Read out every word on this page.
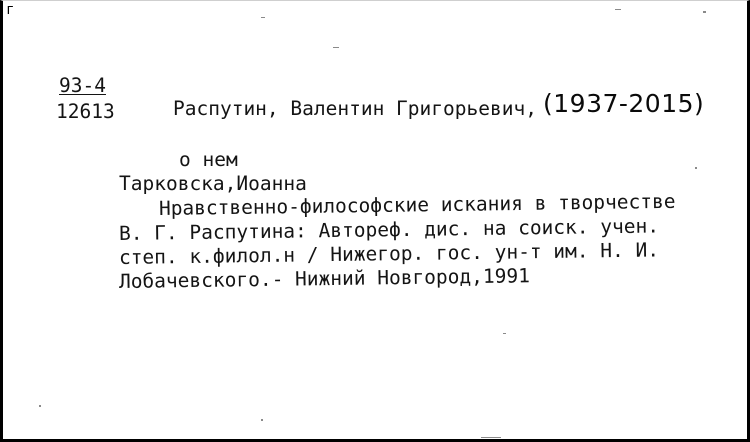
г
93-4
12613	Распутин, Валентин Григорьевич, (1937-2015)
о нем
Тарковска,Иоанна
Нравственно-философские искания в творчестве
В. Г. Распутина: Автореф. дис. на соиск. учен.
степ. к.филол.н / Нижегор. гос. ун-т им. Н. И.
Лобачевского.- Нижний Новгород,1991
